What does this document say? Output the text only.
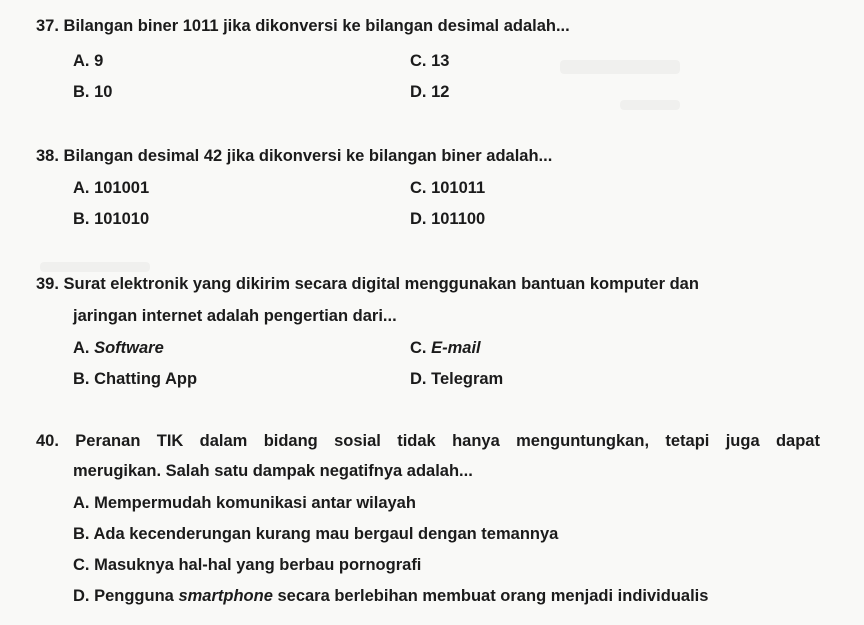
37. Bilangan biner 1011 jika dikonversi ke bilangan desimal adalah...
A. 9	C. 13
B. 10	D. 12
38. Bilangan desimal 42 jika dikonversi ke bilangan biner adalah...
A. 101001	C. 101011
B. 101010	D. 101100
39. Surat elektronik yang dikirim secara digital menggunakan bantuan komputer dan
jaringan internet adalah pengertian dari...
A. Software	C. E-mail
B. Chatting App	D. Telegram
40. Peranan TIK dalam bidang sosial tidak hanya menguntungkan, tetapi juga dapat
merugikan. Salah satu dampak negatifnya adalah...
A. Mempermudah komunikasi antar wilayah
B. Ada kecenderungan kurang mau bergaul dengan temannya
C. Masuknya hal-hal yang berbau pornografi
D. Pengguna smartphone secara berlebihan membuat orang menjadi individualis
